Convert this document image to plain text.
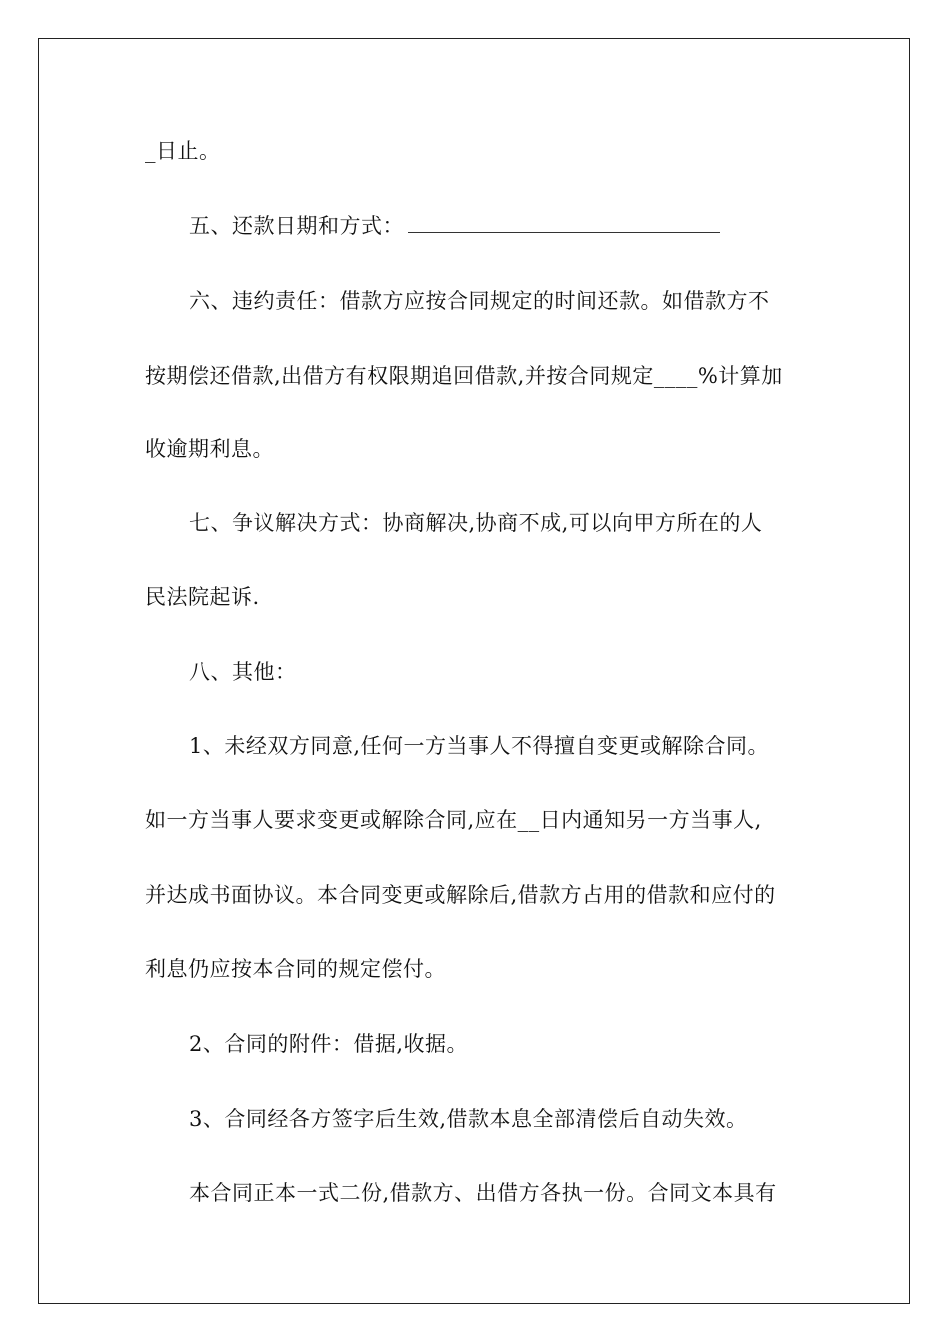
_日止。
五、还款日期和方式：
六、违约责任：借款方应按合同规定的时间还款。如借款方不
按期偿还借款,出借方有权限期追回借款,并按合同规定____%计算加
收逾期利息。
七、争议解决方式：协商解决,协商不成,可以向甲方所在的人
民法院起诉.
八、其他：
1、未经双方同意,任何一方当事人不得擅自变更或解除合同。
如一方当事人要求变更或解除合同,应在__日内通知另一方当事人,
并达成书面协议。本合同变更或解除后,借款方占用的借款和应付的
利息仍应按本合同的规定偿付。
2、合同的附件：借据,收据。
3、合同经各方签字后生效,借款本息全部清偿后自动失效。
本合同正本一式二份,借款方、出借方各执一份。合同文本具有
